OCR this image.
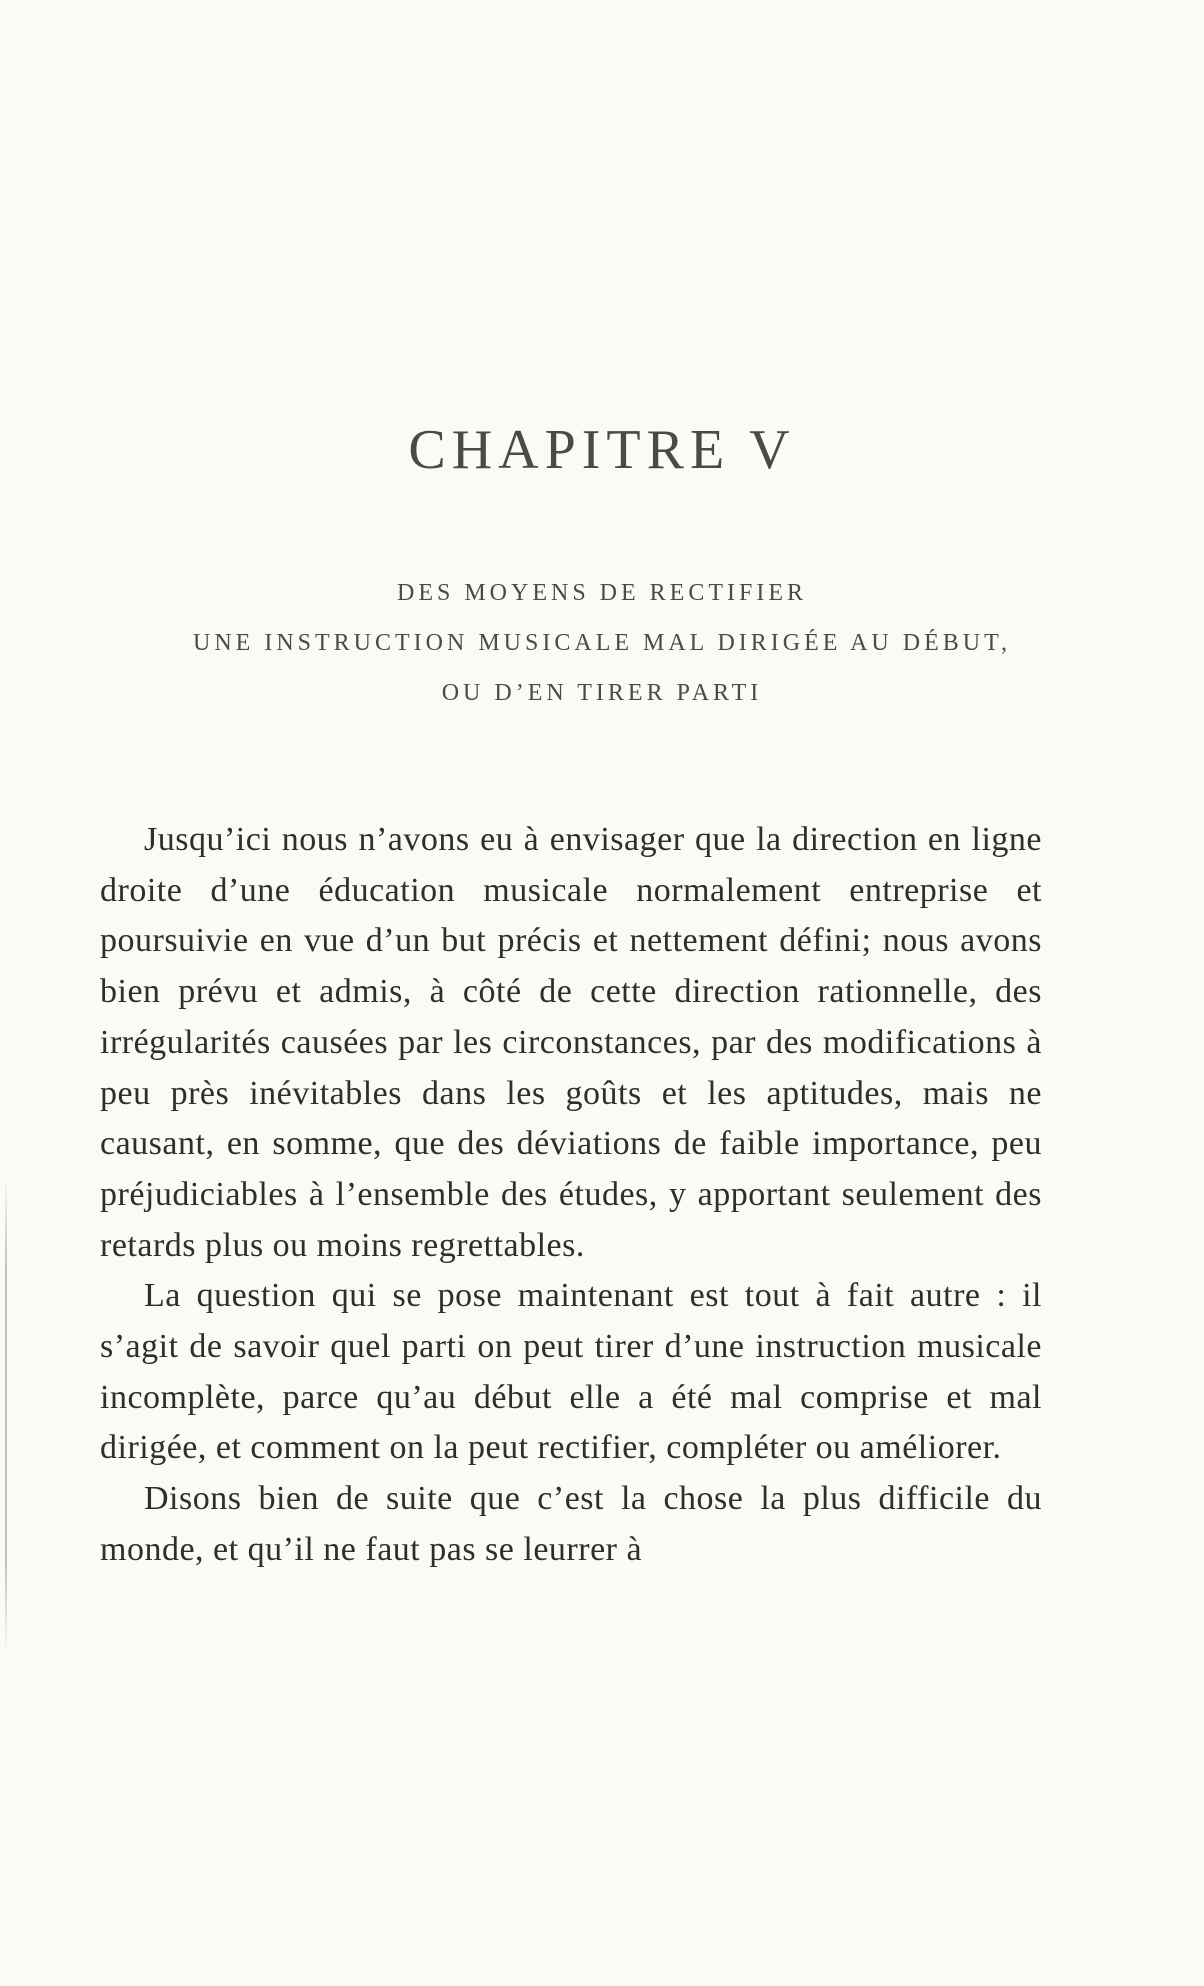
CHAPITRE V
DES MOYENS DE RECTIFIER
UNE INSTRUCTION MUSICALE MAL DIRIGÉE AU DÉBUT,
OU D’EN TIRER PARTI

Jusqu’ici nous n’avons eu à envisager que la direction en ligne droite d’une éducation musicale normalement entreprise et poursuivie en vue d’un but précis et nettement défini; nous avons bien prévu et admis, à côté de cette direction rationnelle, des irrégularités causées par les circonstances, par des modifications à peu près inévitables dans les goûts et les aptitudes, mais ne causant, en somme, que des déviations de faible importance, peu préjudiciables à l’ensemble des études, y apportant seulement des retards plus ou moins regrettables.

La question qui se pose maintenant est tout à fait autre : il s’agit de savoir quel parti on peut tirer d’une instruction musicale incomplète, parce qu’au début elle a été mal comprise et mal dirigée, et comment on la peut rectifier, compléter ou améliorer.

Disons bien de suite que c’est la chose la plus difficile du monde, et qu’il ne faut pas se leurrer à
